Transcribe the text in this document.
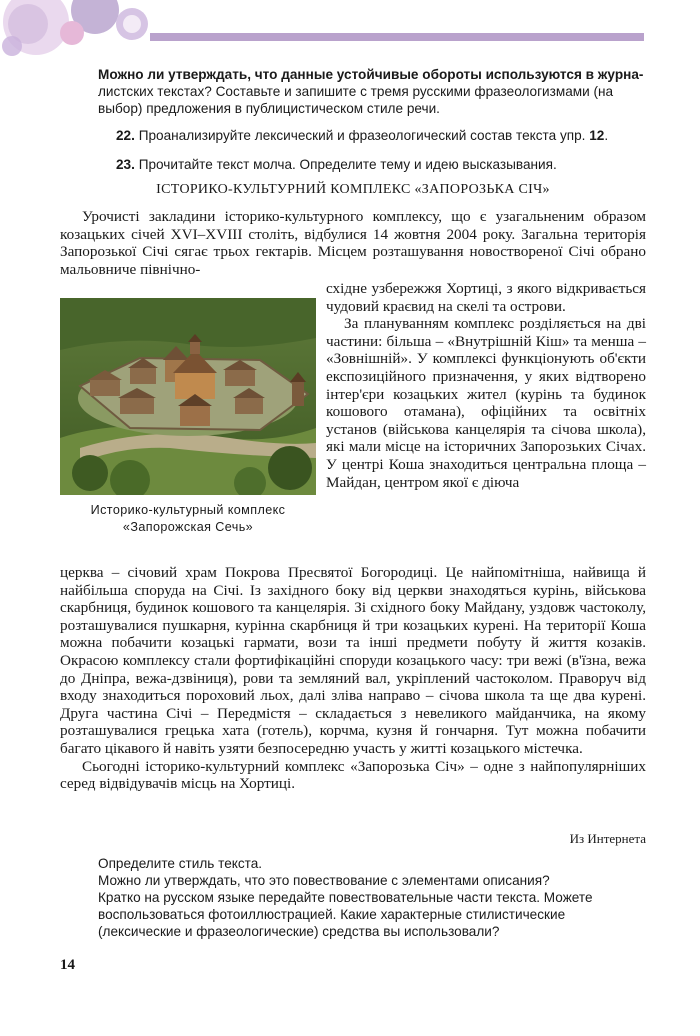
Можно ли утверждать, что данные устойчивые обороты используются в журна- листских текстах? Составьте и запишите с тремя русскими фразеологизмами (на выбор) предложения в публицистическом стиле речи.
22. Проанализируйте лексический и фразеологический состав текста упр. 12.
23. Прочитайте текст молча. Определите тему и идею высказывания.
ІСТОРИКО-КУЛЬТУРНИЙ КОМПЛЕКС «ЗАПОРОЗЬКА СІЧ»

Урочисті закладини історико-культурного комплексу, що є узагальненим образом козацьких січей XVI–XVIII століть, відбулися 14 жовтня 2004 року. Загальна територія Запорозької Січі сягає трьох гектарів. Місцем розташування новоствореної Січі обрано мальовниче північно-

Историко-культурный комплекс
«Запорожская Сечь»

східне узбережжя Хортиці, з якого відкривається чудовий краєвид на скелі та острови.

За плануванням комплекс розділяється на дві частини: більша – «Внутрішній Кіш» та менша – «Зовнішній». У комплексі функціонують об'єкти експозиційного призначення, у яких відтворено інтер'єри козацьких жител (курінь та будинок кошового отамана), офіційних та освітніх установ (військова канцелярія та січова школа), які мали місце на історичних Запорозьких Січах. У центрі Коша знаходиться центральна площа – Майдан, центром якої є діюча

церква – січовий храм Покрова Пресвятої Богородиці. Це найпомітніша, найвища й найбільша споруда на Січі. Із західного боку від церкви знаходяться курінь, військова скарбниця, будинок кошового та канцелярія. Зі східного боку Майдану, уздовж частоколу, розташувалися пушкарня, курінна скарбниця й три козацьких курені. На території Коша можна побачити козацькі гармати, вози та інші предмети побуту й життя козаків. Окрасою комплексу стали фортифікаційні споруди козацького часу: три вежі (в'їзна, вежа до Дніпра, вежа-дзвіниця), рови та земляний вал, укріплений частоколом. Праворуч від входу знаходиться пороховий льох, далі зліва направо – січова школа та ще два курені. Друга частина Січі – Передмістя – складається з невеликого майданчика, на якому розташувалися грецька хата (готель), корчма, кузня й гончарня. Тут можна побачити багато цікавого й навіть узяти безпосередню участь у житті козацького містечка.

Сьогодні історико-культурний комплекс «Запорозька Січ» – одне з найпопулярніших серед відвідувачів місць на Хортиці.

Из Интернета
Определите стиль текста.
Можно ли утверждать, что это повествование с элементами описания?
Кратко на русском языке передайте повествовательные части текста. Можете воспользоваться фотоиллюстрацией. Какие характерные стилистические (лексические и фразеологические) средства вы использовали?
14
